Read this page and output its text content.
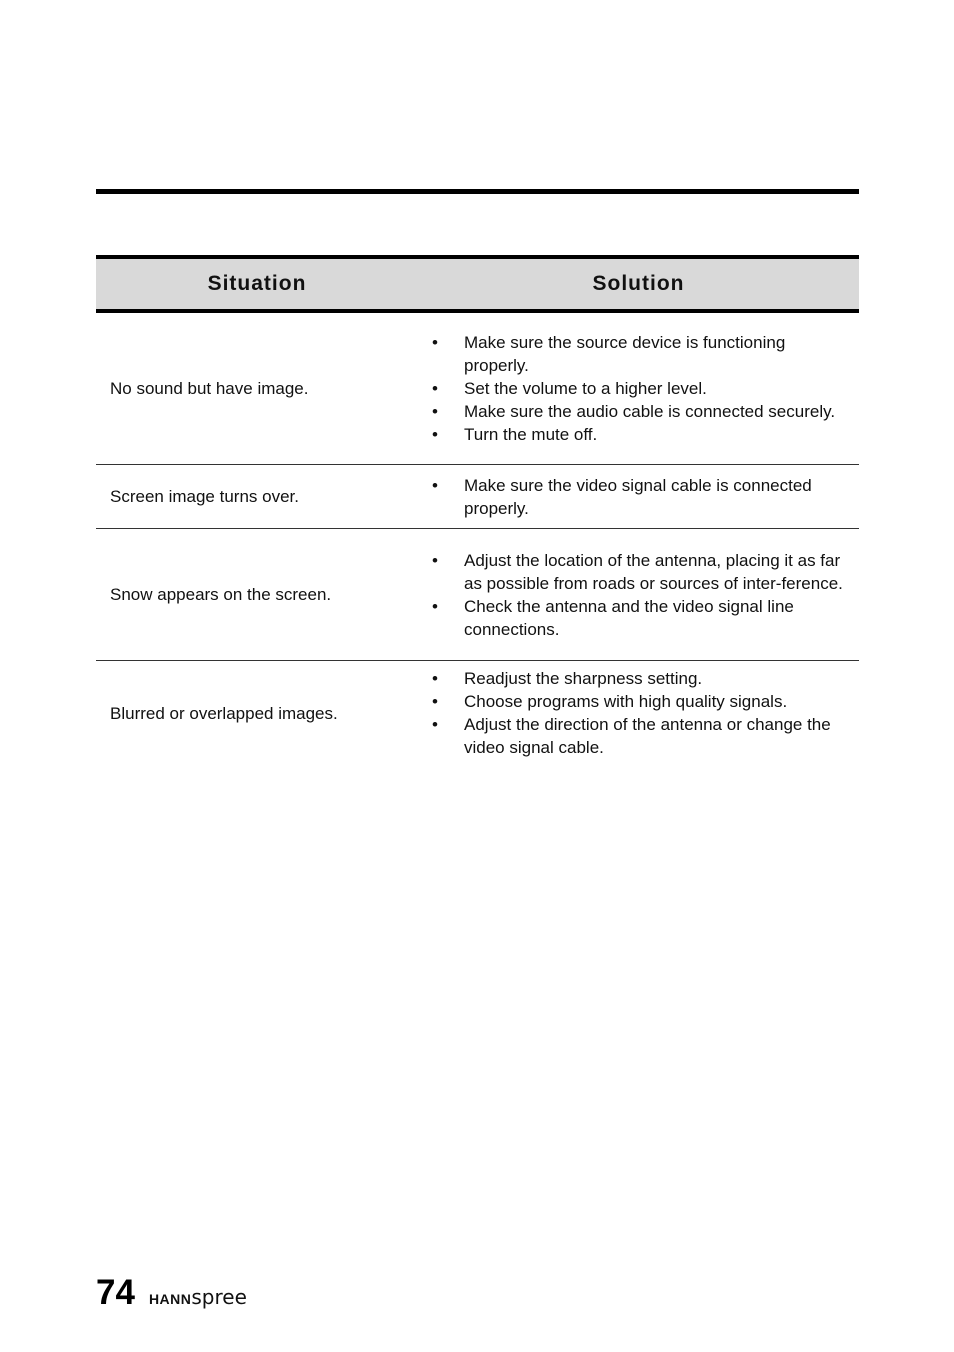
Situation	Solution
No sound but have image.
• Make sure the source device is functioning properly.
• Set the volume to a higher level.
• Make sure the audio cable is connected securely.
• Turn the mute off.
Screen image turns over.
• Make sure the video signal cable is connected properly.
Snow appears on the screen.
• Adjust the location of the antenna, placing it as far as possible from roads or sources of inter-ference.
• Check the antenna and the video signal line connections.
Blurred or overlapped images.
• Readjust the sharpness setting.
• Choose programs with high quality signals.
• Adjust the direction of the antenna or change the video signal cable.
74 HANNspree
